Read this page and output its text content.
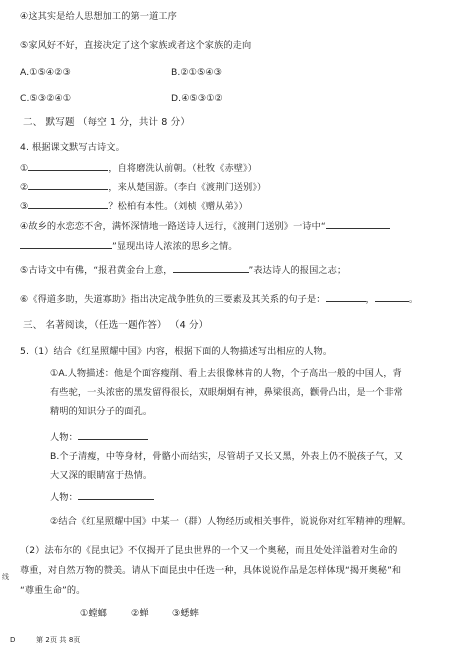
④这其实是给人思想加工的第一道工序
⑤家风好不好，直接决定了这个家族或者这个家族的走向
A.①⑤④②③	B.②①⑤④③
C.⑤③②④①	D.④⑤③①②
二、 默写题 （每空 1 分，共计 8 分）
4. 根据课文默写古诗文。
①	，自将磨洗认前朝。（杜牧《赤壁》）
②	，来从楚国游。（李白《渡荆门送别》）
③	？松柏有本性。（刘桢《赠从弟》）
④故乡的水恋恋不舍，满怀深情地一路送诗人远行，《渡荆门送别》一诗中“
”显现出诗人浓浓的思乡之情。
⑤古诗文中有佛，“报君黄金台上意，	”表达诗人的报国之志；
⑥《得道多助，失道寡助》指出决定战争胜负的三要素及其关系的句子是：	，	。
三、 名著阅读，（任选一题作答） （4 分）
5.（1）结合《红星照耀中国》内容，根据下面的人物描述写出相应的人物。
①A.人物描述：他是个面容瘦削、看上去很像林肯的人物，个子高出一般的中国人，背
有些驼，一头浓密的黑发留得很长，双眼炯炯有神，鼻梁很高，颧骨凸出，是一个非常
精明的知识分子的面孔。
人物：
B.个子清瘦，中等身材，骨骼小而结实，尽管胡子又长又黑，外表上仍不脱孩子气，又
大又深的眼睛富于热情。
人物：
②结合《红星照耀中国》中某一（群）人物经历或相关事件，说说你对红军精神的理解。
（2）法布尔的《昆虫记》不仅揭开了昆虫世界的一个又一个奥秘，而且处处洋溢着对生命的
尊重，对自然万物的赞美。请从下面昆虫中任选一种，具体说说作品是怎样体现“揭开奥秘”和
“尊重生命”的。
①螳螂	②蝉	③蟋蟀
线
D	第 2页 共 8页
